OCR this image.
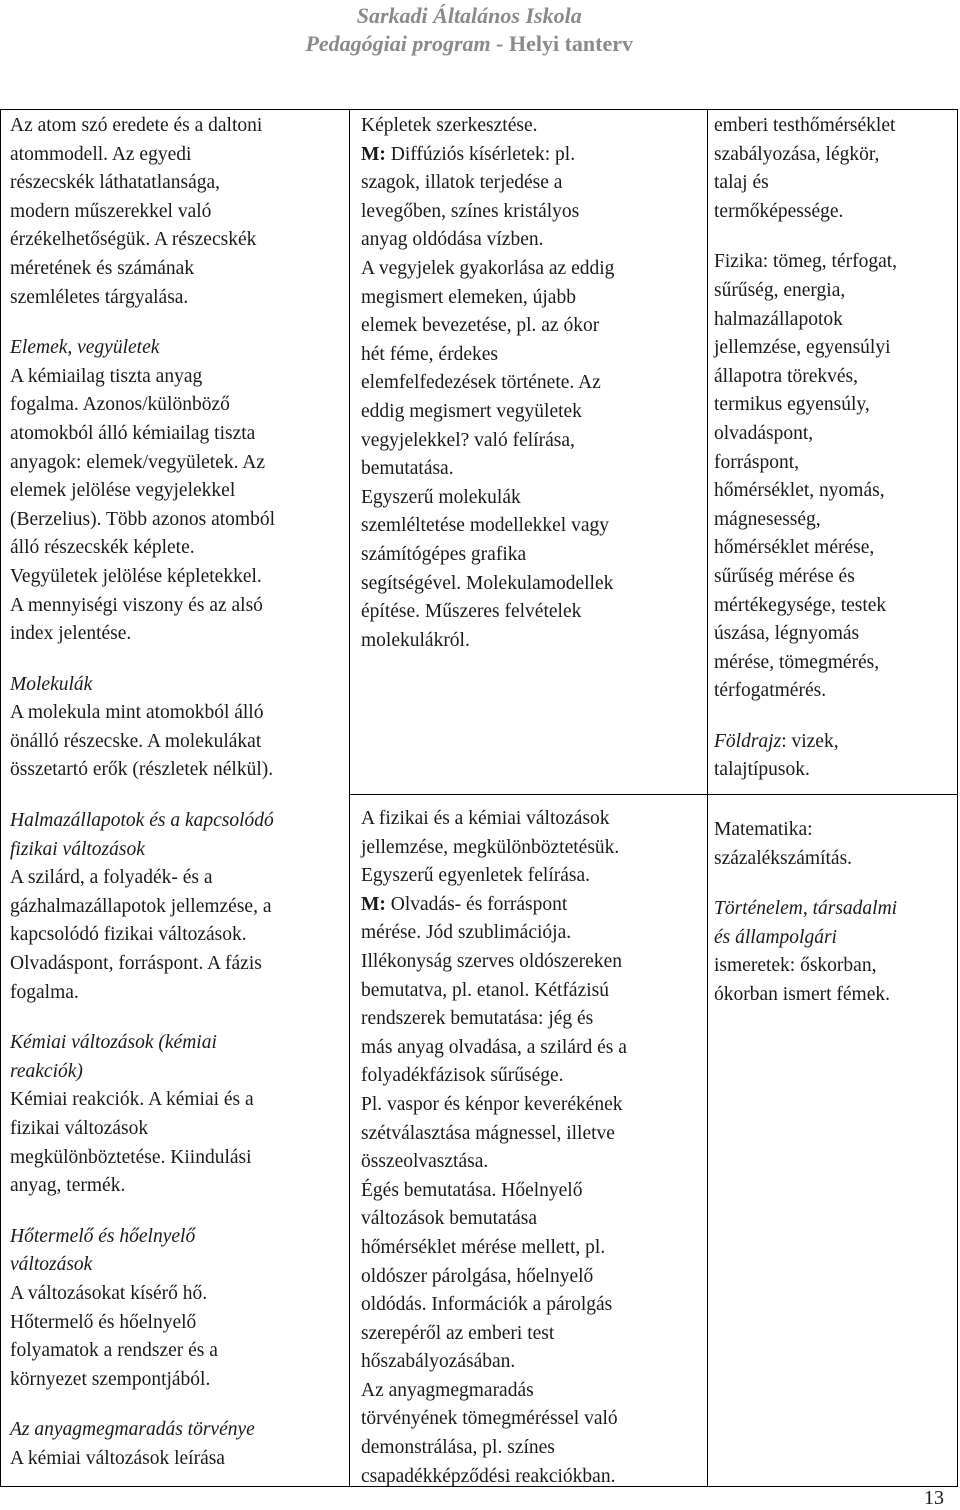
Sarkadi Általános Iskola
Pedagógiai program - Helyi tanterv

Az atom szó eredete és a daltoni

atommodell. Az egyedi

részecskék láthatatlansága,

modern műszerekkel való

érzékelhetőségük. A részecskék

méretének és számának

szemléletes tárgyalása.

Elemek, vegyületek

A kémiailag tiszta anyag

fogalma. Azonos/különböző

atomokból álló kémiailag tiszta

anyagok: elemek/vegyületek. Az

elemek jelölése vegyjelekkel

(Berzelius). Több azonos atomból

álló részecskék képlete.

Vegyületek jelölése képletekkel.

A mennyiségi viszony és az alsó

index jelentése.

Molekulák

A molekula mint atomokból álló

önálló részecske. A molekulákat

összetartó erők (részletek nélkül).

Halmazállapotok és a kapcsolódó

fizikai változások

A szilárd, a folyadék- és a

gázhalmazállapotok jellemzése, a

kapcsolódó fizikai változások.

Olvadáspont, forráspont. A fázis

fogalma.

Kémiai változások (kémiai

reakciók)

Kémiai reakciók. A kémiai és a

fizikai változások

megkülönböztetése. Kiindulási

anyag, termék.

Hőtermelő és hőelnyelő

változások

A változásokat kísérő hő.

Hőtermelő és hőelnyelő

folyamatok a rendszer és a

környezet szempontjából.

Az anyagmegmaradás törvénye

A kémiai változások leírása

Képletek szerkesztése.

M: Diffúziós kísérletek: pl.

szagok, illatok terjedése a

levegőben, színes kristályos

anyag oldódása vízben.

A vegyjelek gyakorlása az eddig

megismert elemeken, újabb

elemek bevezetése, pl. az ókor

hét féme, érdekes

elemfelfedezések története. Az

eddig megismert vegyületek

vegyjelekkel? való felírása,

bemutatása.

Egyszerű molekulák

szemléltetése modellekkel vagy

számítógépes grafika

segítségével. Molekulamodellek

építése. Műszeres felvételek

molekulákról.

A fizikai és a kémiai változások

jellemzése, megkülönböztetésük.

Egyszerű egyenletek felírása.

M: Olvadás- és forráspont

mérése. Jód szublimációja.

Illékonyság szerves oldószereken

bemutatva, pl. etanol. Kétfázisú

rendszerek bemutatása: jég és

más anyag olvadása, a szilárd és a

folyadékfázisok sűrűsége.

Pl. vaspor és kénpor keverékének

szétválasztása mágnessel, illetve

összeolvasztása.

Égés bemutatása. Hőelnyelő

változások bemutatása

hőmérséklet mérése mellett, pl.

oldószer párolgása, hőelnyelő

oldódás. Információk a párolgás

szerepéről az emberi test

hőszabályozásában.

Az anyagmegmaradás

törvényének tömegméréssel való

demonstrálása, pl. színes

csapadékképződési reakciókban.

emberi testhőmérséklet

szabályozása, légkör,

talaj és

termőképessége.

Fizika: tömeg, térfogat,

sűrűség, energia,

halmazállapotok

jellemzése, egyensúlyi

állapotra törekvés,

termikus egyensúly,

olvadáspont,

forráspont,

hőmérséklet, nyomás,

mágnesesség,

hőmérséklet mérése,

sűrűség mérése és

mértékegysége, testek

úszása, légnyomás

mérése, tömegmérés,

térfogatmérés.

Földrajz: vizek,

talajtípusok.

Matematika:

százalékszámítás.

Történelem, társadalmi

és állampolgári

ismeretek: őskorban,

ókorban ismert fémek.

13
